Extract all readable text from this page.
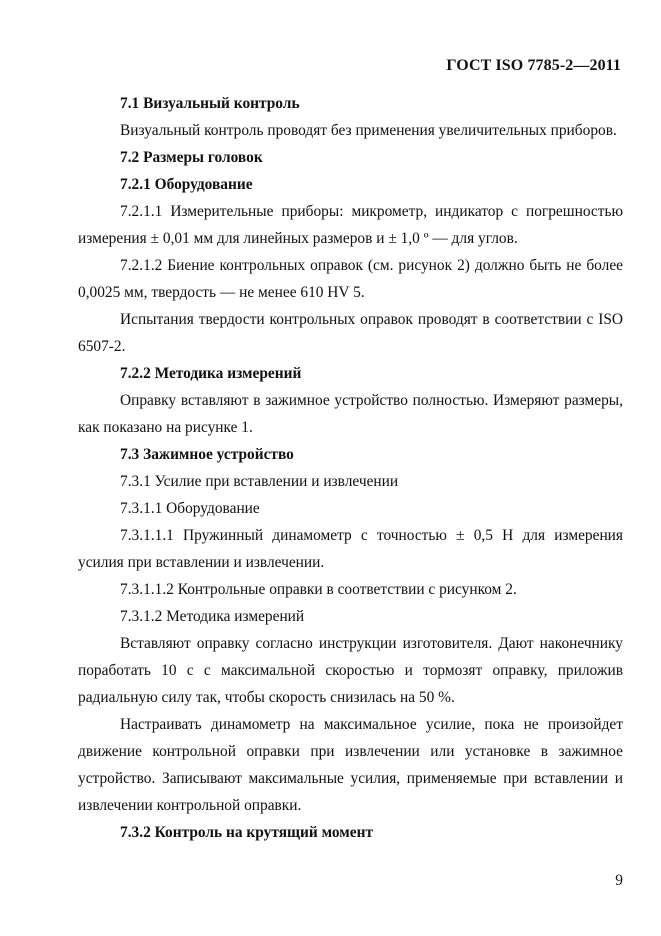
ГОСТ ISO 7785-2—2011

7.1 Визуальный контроль

Визуальный контроль проводят без применения увеличительных приборов.

7.2 Размеры головок

7.2.1 Оборудование

7.2.1.1 Измерительные приборы: микрометр, индикатор с погрешностью измерения ± 0,01 мм для линейных размеров и ± 1,0 º — для углов.

7.2.1.2 Биение контрольных оправок (см. рисунок 2) должно быть не более 0,0025 мм, твердость — не менее 610 HV 5.

Испытания твердости контрольных оправок проводят в соответствии с ISO 6507-2.

7.2.2 Методика измерений

Оправку вставляют в зажимное устройство полностью. Измеряют размеры, как показано на рисунке 1.

7.3 Зажимное устройство

7.3.1 Усилие при вставлении и извлечении

7.3.1.1 Оборудование

7.3.1.1.1 Пружинный динамометр с точностью ± 0,5 Н для измерения усилия при вставлении и извлечении.

7.3.1.1.2 Контрольные оправки в соответствии с рисунком 2.

7.3.1.2 Методика измерений

Вставляют оправку согласно инструкции изготовителя. Дают наконечнику поработать 10 с с максимальной скоростью и тормозят оправку, приложив радиальную силу так, чтобы скорость снизилась на 50 %.

Настраивать динамометр на максимальное усилие, пока не произойдет движение контрольной оправки при извлечении или установке в зажимное устройство. Записывают максимальные усилия, применяемые при вставлении и извлечении контрольной оправки.

7.3.2 Контроль на крутящий момент

9
